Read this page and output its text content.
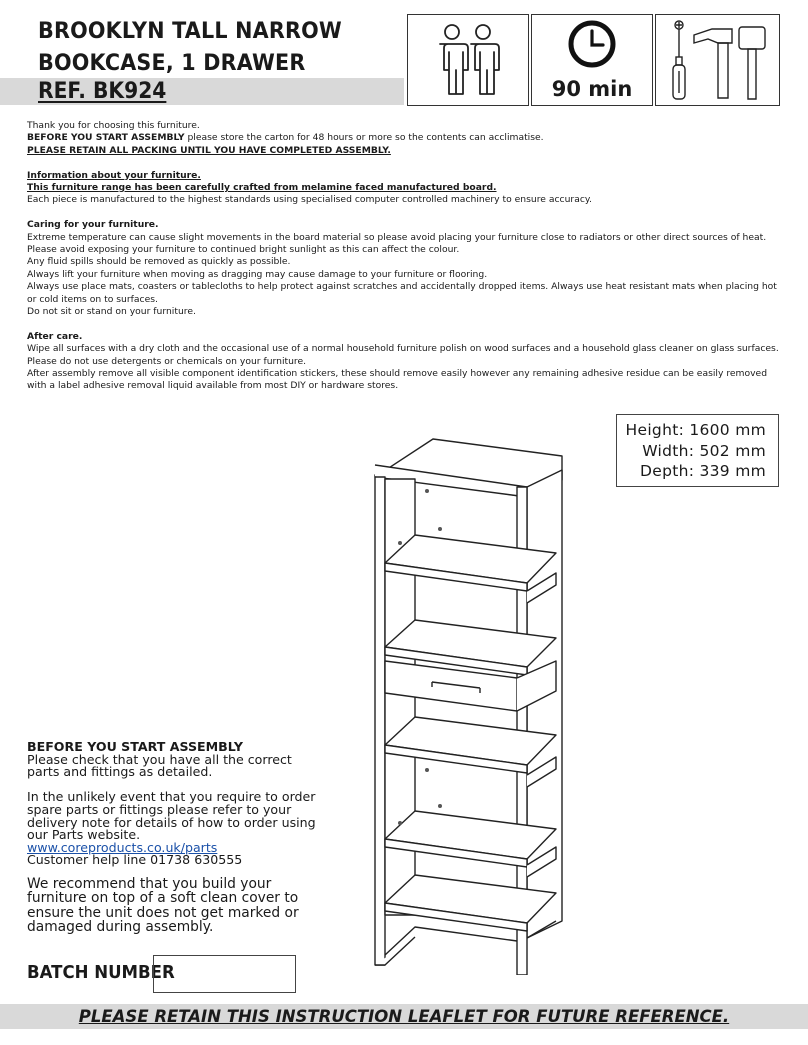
BROOKLYN TALL NARROW
BOOKCASE, 1 DRAWER
REF. BK924	90 min

Thank you for choosing this furniture.

BEFORE YOU START ASSEMBLY please store the carton for 48 hours or more so the contents can acclimatise.

PLEASE RETAIN ALL PACKING UNTIL YOU HAVE COMPLETED ASSEMBLY.

Information about your furniture.

This furniture range has been carefully crafted from melamine faced manufactured board.

Each piece is manufactured to the highest standards using specialised computer controlled machinery to ensure accuracy.

Caring for your furniture.

Extreme temperature can cause slight movements in the board material so please avoid placing your furniture close to radiators or other direct sources of heat.

Please avoid exposing your furniture to continued bright sunlight as this can affect the colour.

Any fluid spills should be removed as quickly as possible.

Always lift your furniture when moving as dragging may cause damage to your furniture or flooring.

Always use place mats, coasters or tablecloths to help protect against scratches and accidentally dropped items. Always use heat resistant mats when placing hot or cold items on to surfaces.

Do not sit or stand on your furniture.

After care.

Wipe all surfaces with a dry cloth and the occasional use of a normal household furniture polish on wood surfaces and a household glass cleaner on glass surfaces.

Please do not use detergents or chemicals on your furniture.

After assembly remove all visible component identification stickers, these should remove easily however any remaining adhesive residue can be easily removed with a label adhesive removal liquid available from most DIY or hardware stores.

Height: 1600 mm
Width: 502 mm
Depth: 339 mm

BEFORE YOU START ASSEMBLY

Please check that you have all the correct parts and fittings as detailed.

In the unlikely event that you require to order spare parts or fittings please refer to your delivery note for details of how to order using our Parts website.

www.coreproducts.co.uk/parts

Customer help line 01738 630555

We recommend that you build your furniture on top of a soft clean cover to ensure the unit does not get marked or damaged during assembly.

BATCH NUMBER
PLEASE RETAIN THIS INSTRUCTION LEAFLET FOR FUTURE REFERENCE.
